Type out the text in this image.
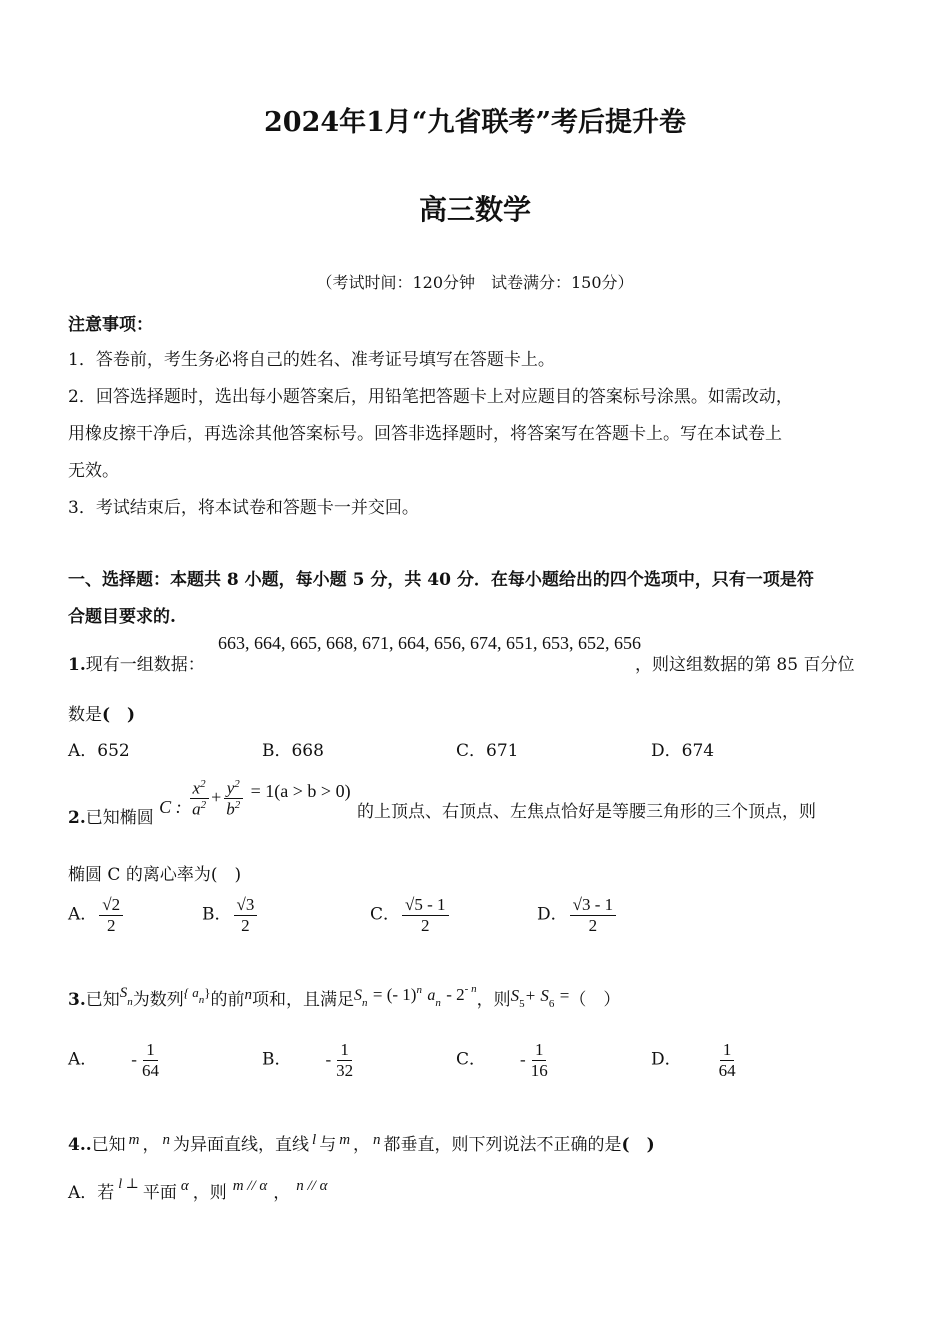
2024年1月“九省联考”考后提升卷
高三数学
（考试时间：120分钟　试卷满分：150分）
注意事项：
1．答卷前，考生务必将自己的姓名、准考证号填写在答题卡上。
2．回答选择题时，选出每小题答案后，用铅笔把答题卡上对应题目的答案标号涂黑。如需改动，
用橡皮擦干净后，再选涂其他答案标号。回答非选择题时，将答案写在答题卡上。写在本试卷上
无效。
3．考试结束后，将本试卷和答题卡一并交回。
一、选择题：本题共 8 小题，每小题 5 分，共 40 分．在每小题给出的四个选项中，只有一项是符
合题目要求的.
1.现有一组数据：
663, 664, 665, 668, 671, 664, 656, 674, 651, 653, 652, 656
，则这组数据的第 85 百分位
数是(　)
A．652	B．668	C．671	D．674
2.已知椭圆 C : $\frac{x^2}{a^2} + \frac{y^2}{b^2} = 1(a > b > 0)$
的上顶点、右顶点、左焦点恰好是等腰三角形的三个顶点，则
椭圆 C 的离心率为(　)
A． $\frac{√2}{2}$	B． $\frac{√3}{2}$	C． $\frac{√5 - 1}{2}$	D． $\frac{√3 - 1}{2}$
3.已知$S_n$为数列$^{\{ a}_n$}的前n项和，且满足$S_n$ = (- 1)$^n$ $a_n - 2^{- n}$，则$S_5+ S_6$ =（　）
A． - $\frac{1}{64}$	B． - $\frac{1}{32}$	C． - $\frac{1}{16}$	D． $\frac{1}{64}$
4..已知 m ， n 为异面直线，直线 l 与 m ， n 都垂直，则下列说法不正确的是(　)
A．若 $^{l \perp}$ 平面 α ，则 m // α ， n // α
